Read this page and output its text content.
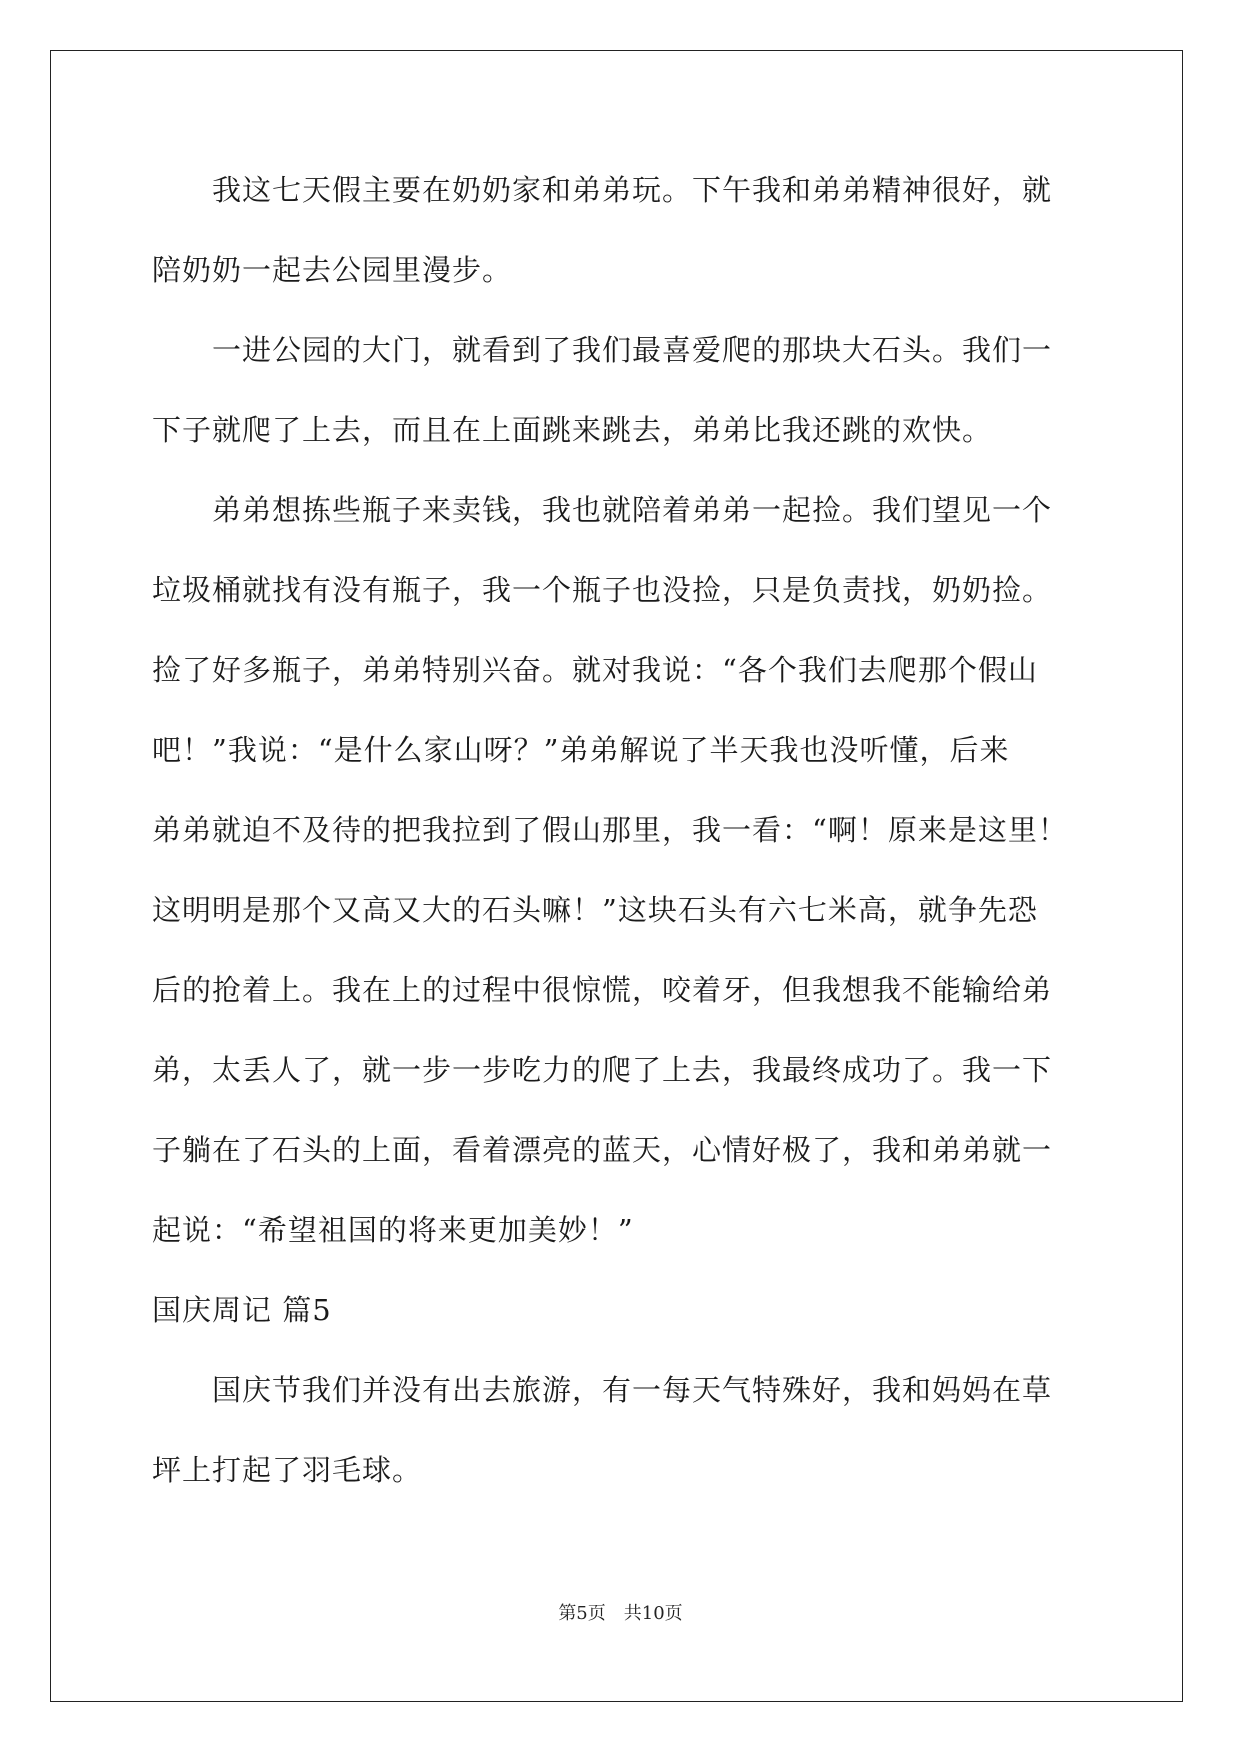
　　我这七天假主要在奶奶家和弟弟玩。下午我和弟弟精神很好，就
陪奶奶一起去公园里漫步。
　　一进公园的大门，就看到了我们最喜爱爬的那块大石头。我们一
下子就爬了上去，而且在上面跳来跳去，弟弟比我还跳的欢快。
　　弟弟想拣些瓶子来卖钱，我也就陪着弟弟一起捡。我们望见一个
垃圾桶就找有没有瓶子，我一个瓶子也没捡，只是负责找，奶奶捡。
捡了好多瓶子，弟弟特别兴奋。就对我说：“各个我们去爬那个假山
吧！”我说：“是什么家山呀？”弟弟解说了半天我也没听懂，后来
弟弟就迫不及待的把我拉到了假山那里，我一看：“啊！原来是这里！
这明明是那个又高又大的石头嘛！”这块石头有六七米高，就争先恐
后的抢着上。我在上的过程中很惊慌，咬着牙，但我想我不能输给弟
弟，太丢人了，就一步一步吃力的爬了上去，我最终成功了。我一下
子躺在了石头的上面，看着漂亮的蓝天，心情好极了，我和弟弟就一
起说：“希望祖国的将来更加美妙！”
国庆周记 篇5
　　国庆节我们并没有出去旅游，有一每天气特殊好，我和妈妈在草
坪上打起了羽毛球。
第5页 共10页
